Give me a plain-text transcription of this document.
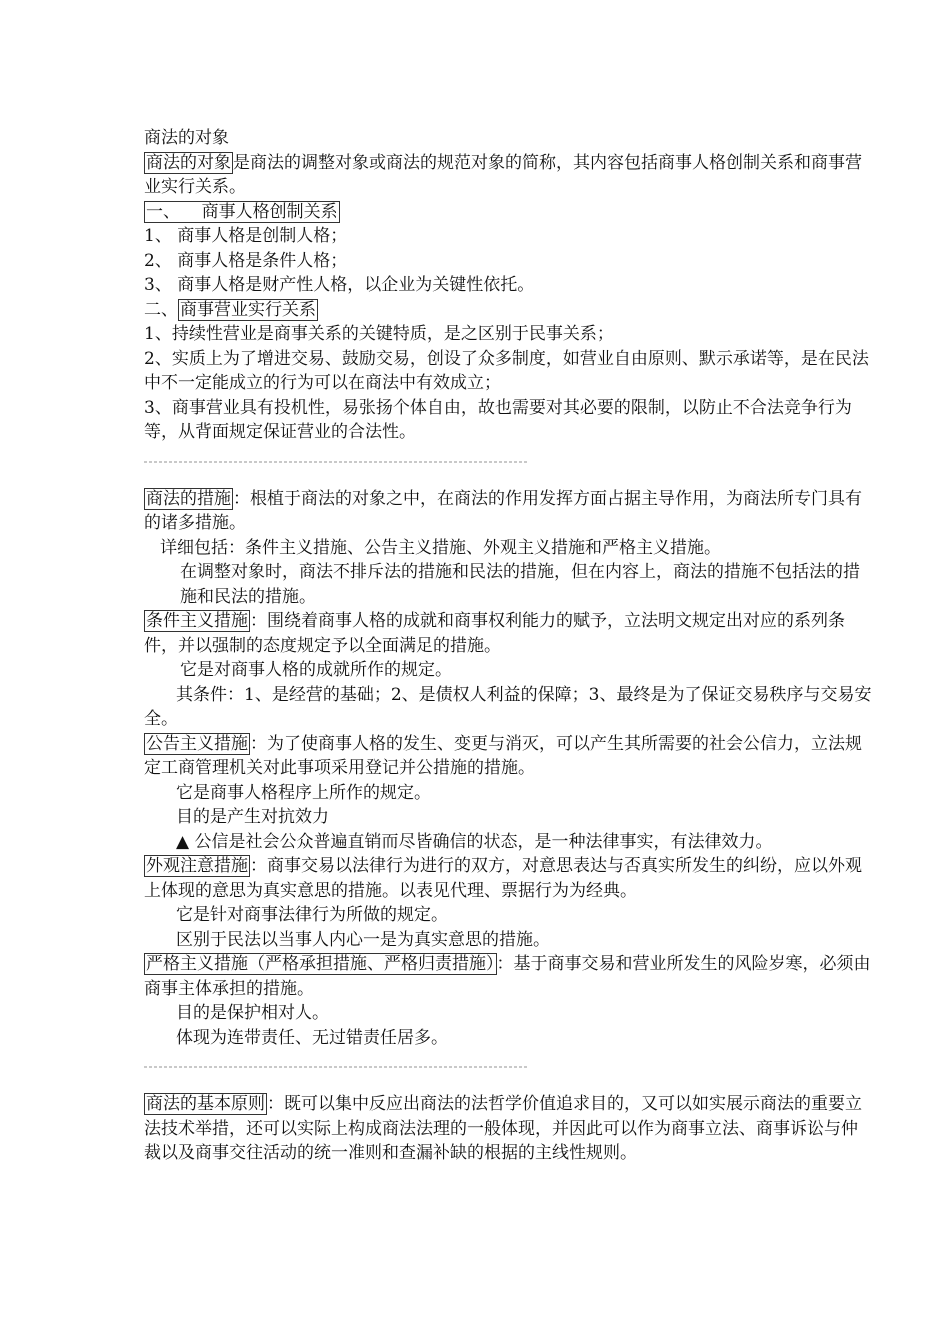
商法的对象

商法的对象 是商法的调整对象或商法的规范对象的简称，其内容包括商事人格创制关系和商事营业实行关系。

一、    商事人格创制关系

1、 商事人格是创制人格；

2、 商事人格是条件人格；

3、 商事人格是财产性人格，以企业为关键性依托。

二、 商事营业实行关系

1、持续性营业是商事关系的关键特质，是之区别于民事关系；

2、实质上为了增进交易、鼓励交易，创设了众多制度，如营业自由原则、默示承诺等，是在民法中不一定能成立的行为可以在商法中有效成立；

3、商事营业具有投机性，易张扬个体自由，故也需要对其必要的限制，以防止不合法竞争行为等，从背面规定保证营业的合法性。

商法的措施 ：根植于商法的对象之中，在商法的作用发挥方面占据主导作用，为商法所专门具有的诸多措施。

详细包括：条件主义措施、公告主义措施、外观主义措施和严格主义措施。

在调整对象时，商法不排斥法的措施和民法的措施，但在内容上，商法的措施不包括法的措施和民法的措施。

条件主义措施 ：围绕着商事人格的成就和商事权利能力的赋予，立法明文规定出对应的系列条件，并以强制的态度规定予以全面满足的措施。

它是对商事人格的成就所作的规定。

其条件：1、是经营的基础；2、是债权人利益的保障；3、最终是为了保证交易秩序与交易安全。

公告主义措施 ：为了使商事人格的发生、变更与消灭，可以产生其所需要的社会公信力，立法规定工商管理机关对此事项采用登记并公措施的措施。

它是商事人格程序上所作的规定。

目的是产生对抗效力

▲ 公信是社会公众普遍直销而尽皆确信的状态，是一种法律事实，有法律效力。

外观注意措施 ：商事交易以法律行为进行的双方，对意思表达与否真实所发生的纠纷，应以外观上体现的意思为真实意思的措施。以表见代理、票据行为为经典。

它是针对商事法律行为所做的规定。

区别于民法以当事人内心一是为真实意思的措施。

严格主义措施（严格承担措施、严格归责措施） ：基于商事交易和营业所发生的风险岁寒，必须由商事主体承担的措施。

目的是保护相对人。

体现为连带责任、无过错责任居多。

商法的基本原则 ：既可以集中反应出商法的法哲学价值追求目的，又可以如实展示商法的重要立法技术举措，还可以实际上构成商法法理的一般体现，并因此可以作为商事立法、商事诉讼与仲裁以及商事交往活动的统一准则和查漏补缺的根据的主线性规则。
